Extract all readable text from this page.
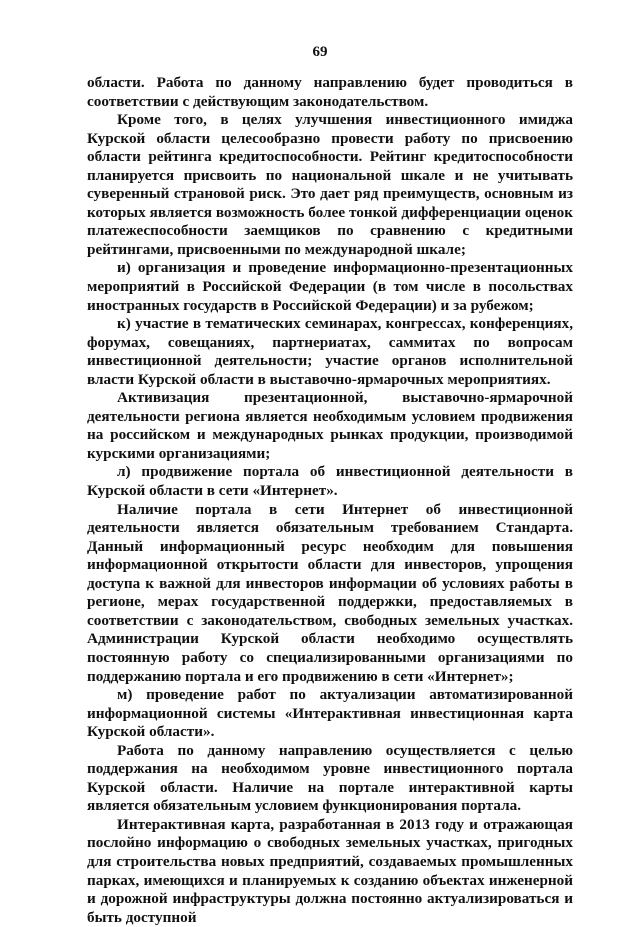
69

области. Работа по данному направлению будет проводиться в соответствии с действующим законодательством.

Кроме того, в целях улучшения инвестиционного имиджа Курской области целесообразно провести работу по присвоению области рейтинга кредитоспособности. Рейтинг кредитоспособности планируется присвоить по национальной шкале и не учитывать суверенный страновой риск. Это дает ряд преимуществ, основным из которых является возможность более тонкой дифференциации оценок платежеспособности заемщиков по сравнению с кредитными рейтингами, присвоенными по международной шкале;

и) организация и проведение информационно-презентационных мероприятий в Российской Федерации (в том числе в посольствах иностранных государств в Российской Федерации) и за рубежом;

к) участие в тематических семинарах, конгрессах, конференциях, форумах, совещаниях, партнериатах, саммитах по вопросам инвестиционной деятельности; участие органов исполнительной власти Курской области в выставочно-ярмарочных мероприятиях.

Активизация презентационной, выставочно-ярмарочной деятельности региона является необходимым условием продвижения на российском и международных рынках продукции, производимой курскими организациями;

л) продвижение портала об инвестиционной деятельности в Курской области в сети «Интернет».

Наличие портала в сети Интернет об инвестиционной деятельности является обязательным требованием Стандарта. Данный информационный ресурс необходим для повышения информационной открытости области для инвесторов, упрощения доступа к важной для инвесторов информации об условиях работы в регионе, мерах государственной поддержки, предоставляемых в соответствии с законодательством, свободных земельных участках. Администрации Курской области необходимо осуществлять постоянную работу со специализированными организациями по поддержанию портала и его продвижению в сети «Интернет»;

м) проведение работ по актуализации автоматизированной информационной системы «Интерактивная инвестиционная карта Курской области».

Работа по данному направлению осуществляется с целью поддержания на необходимом уровне инвестиционного портала Курской области. Наличие на портале интерактивной карты является обязательным условием функционирования портала.

Интерактивная карта, разработанная в 2013 году и отражающая послойно информацию о свободных земельных участках, пригодных для строительства новых предприятий, создаваемых промышленных парках, имеющихся и планируемых к созданию объектах инженерной и дорожной инфраструктуры должна постоянно актуализироваться и быть доступной
